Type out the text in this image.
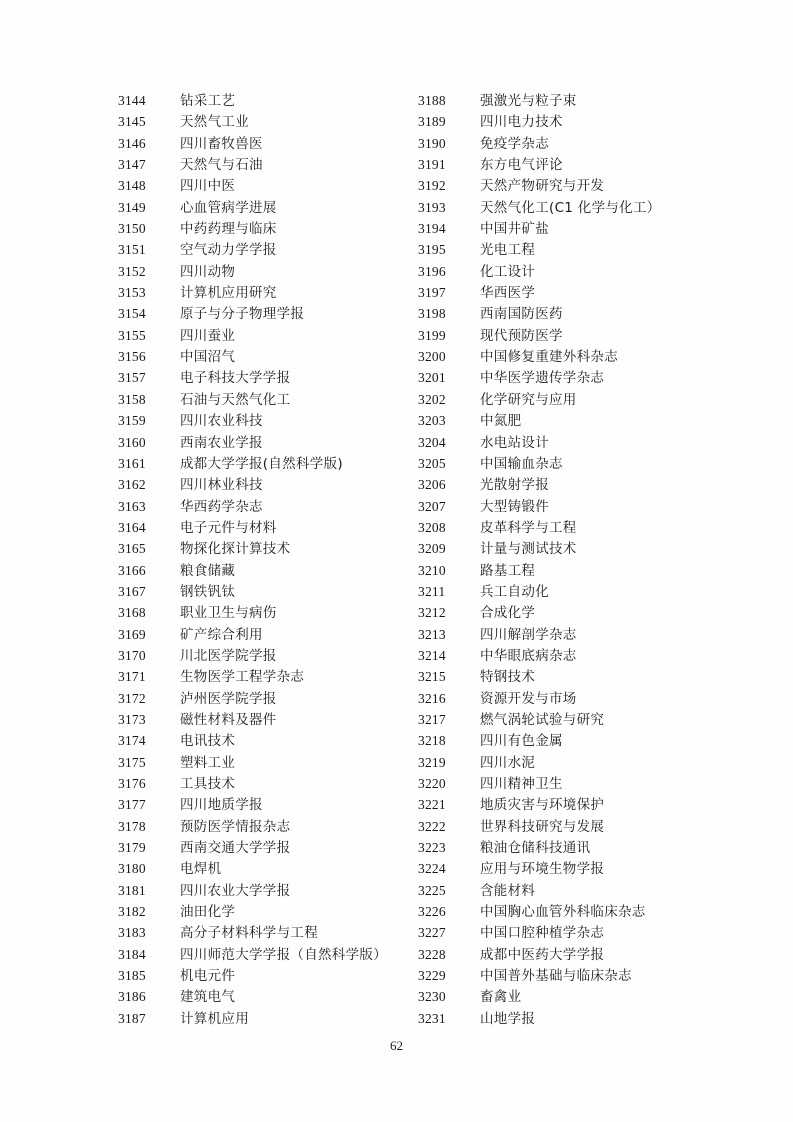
3144	钻采工艺
3145	天然气工业
3146	四川畜牧兽医
3147	天然气与石油
3148	四川中医
3149	心血管病学进展
3150	中药药理与临床
3151	空气动力学学报
3152	四川动物
3153	计算机应用研究
3154	原子与分子物理学报
3155	四川蚕业
3156	中国沼气
3157	电子科技大学学报
3158	石油与天然气化工
3159	四川农业科技
3160	西南农业学报
3161	成都大学学报(自然科学版)
3162	四川林业科技
3163	华西药学杂志
3164	电子元件与材料
3165	物探化探计算技术
3166	粮食储藏
3167	钢铁钒钛
3168	职业卫生与病伤
3169	矿产综合利用
3170	川北医学院学报
3171	生物医学工程学杂志
3172	泸州医学院学报
3173	磁性材料及器件
3174	电讯技术
3175	塑料工业
3176	工具技术
3177	四川地质学报
3178	预防医学情报杂志
3179	西南交通大学学报
3180	电焊机
3181	四川农业大学学报
3182	油田化学
3183	高分子材料科学与工程
3184	四川师范大学学报（自然科学版）
3185	机电元件
3186	建筑电气
3187	计算机应用
3188	强激光与粒子束
3189	四川电力技术
3190	免疫学杂志
3191	东方电气评论
3192	天然产物研究与开发
3193	天然气化工(C1 化学与化工）
3194	中国井矿盐
3195	光电工程
3196	化工设计
3197	华西医学
3198	西南国防医药
3199	现代预防医学
3200	中国修复重建外科杂志
3201	中华医学遗传学杂志
3202	化学研究与应用
3203	中氮肥
3204	水电站设计
3205	中国输血杂志
3206	光散射学报
3207	大型铸锻件
3208	皮革科学与工程
3209	计量与测试技术
3210	路基工程
3211	兵工自动化
3212	合成化学
3213	四川解剖学杂志
3214	中华眼底病杂志
3215	特钢技术
3216	资源开发与市场
3217	燃气涡轮试验与研究
3218	四川有色金属
3219	四川水泥
3220	四川精神卫生
3221	地质灾害与环境保护
3222	世界科技研究与发展
3223	粮油仓储科技通讯
3224	应用与环境生物学报
3225	含能材料
3226	中国胸心血管外科临床杂志
3227	中国口腔种植学杂志
3228	成都中医药大学学报
3229	中国普外基础与临床杂志
3230	畜禽业
3231	山地学报
62
